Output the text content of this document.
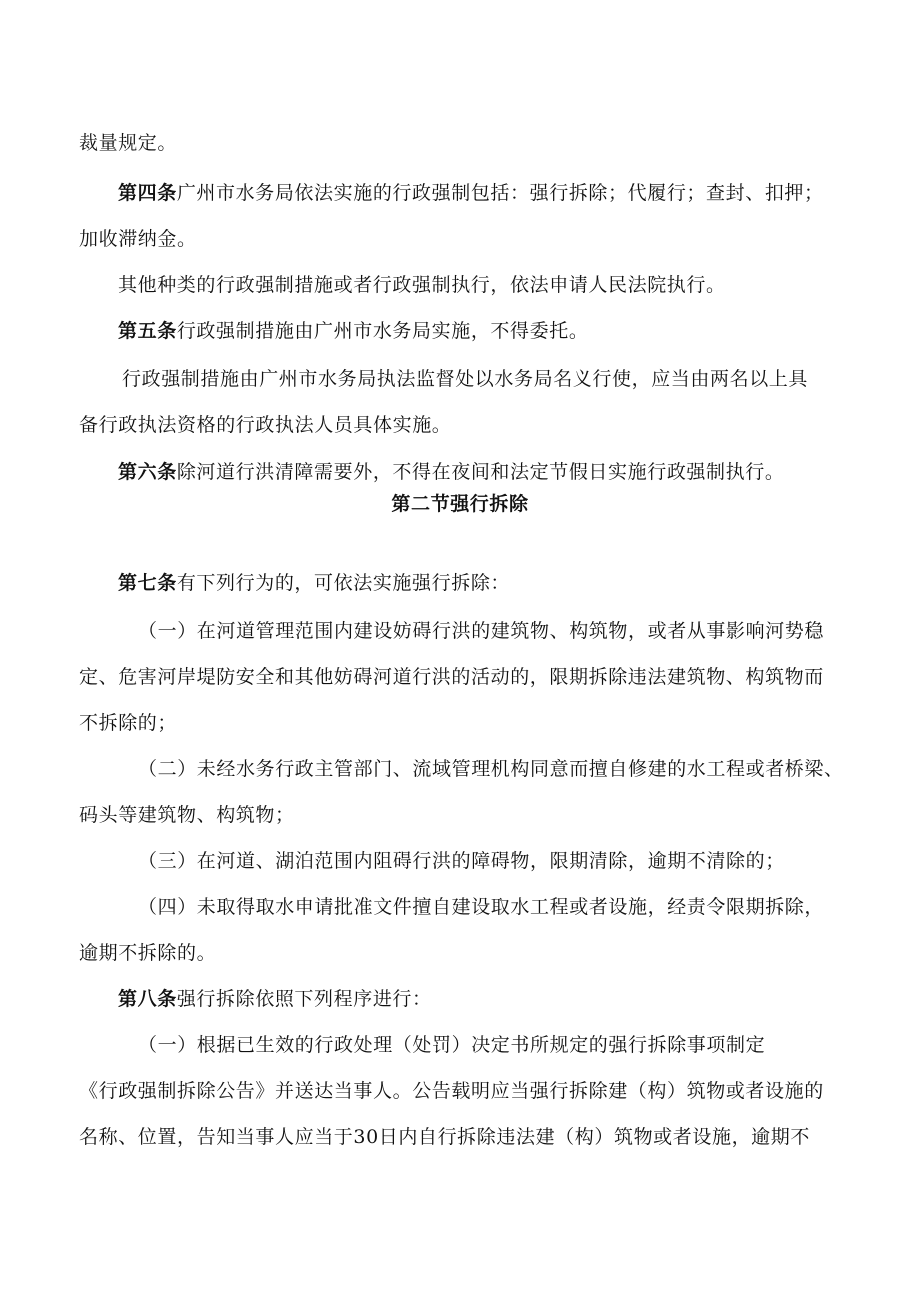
裁量规定。
第四条广州市水务局依法实施的行政强制包括：强行拆除；代履行；查封、扣押；
加收滞纳金。
其他种类的行政强制措施或者行政强制执行，依法申请人民法院执行。
第五条行政强制措施由广州市水务局实施，不得委托。
行政强制措施由广州市水务局执法监督处以水务局名义行使，应当由两名以上具
备行政执法资格的行政执法人员具体实施。
第六条除河道行洪清障需要外，不得在夜间和法定节假日实施行政强制执行。
第二节强行拆除
第七条有下列行为的，可依法实施强行拆除：
（一）在河道管理范围内建设妨碍行洪的建筑物、构筑物，或者从事影响河势稳
定、危害河岸堤防安全和其他妨碍河道行洪的活动的，限期拆除违法建筑物、构筑物而
不拆除的；
（二）未经水务行政主管部门、流域管理机构同意而擅自修建的水工程或者桥梁、
码头等建筑物、构筑物；
（三）在河道、湖泊范围内阻碍行洪的障碍物，限期清除，逾期不清除的；
（四）未取得取水申请批准文件擅自建设取水工程或者设施，经责令限期拆除，
逾期不拆除的。
第八条强行拆除依照下列程序进行：
（一）根据已生效的行政处理（处罚）决定书所规定的强行拆除事项制定
《行政强制拆除公告》并送达当事人。公告载明应当强行拆除建（构）筑物或者设施的
名称、位置，告知当事人应当于30日内自行拆除违法建（构）筑物或者设施，逾期不
